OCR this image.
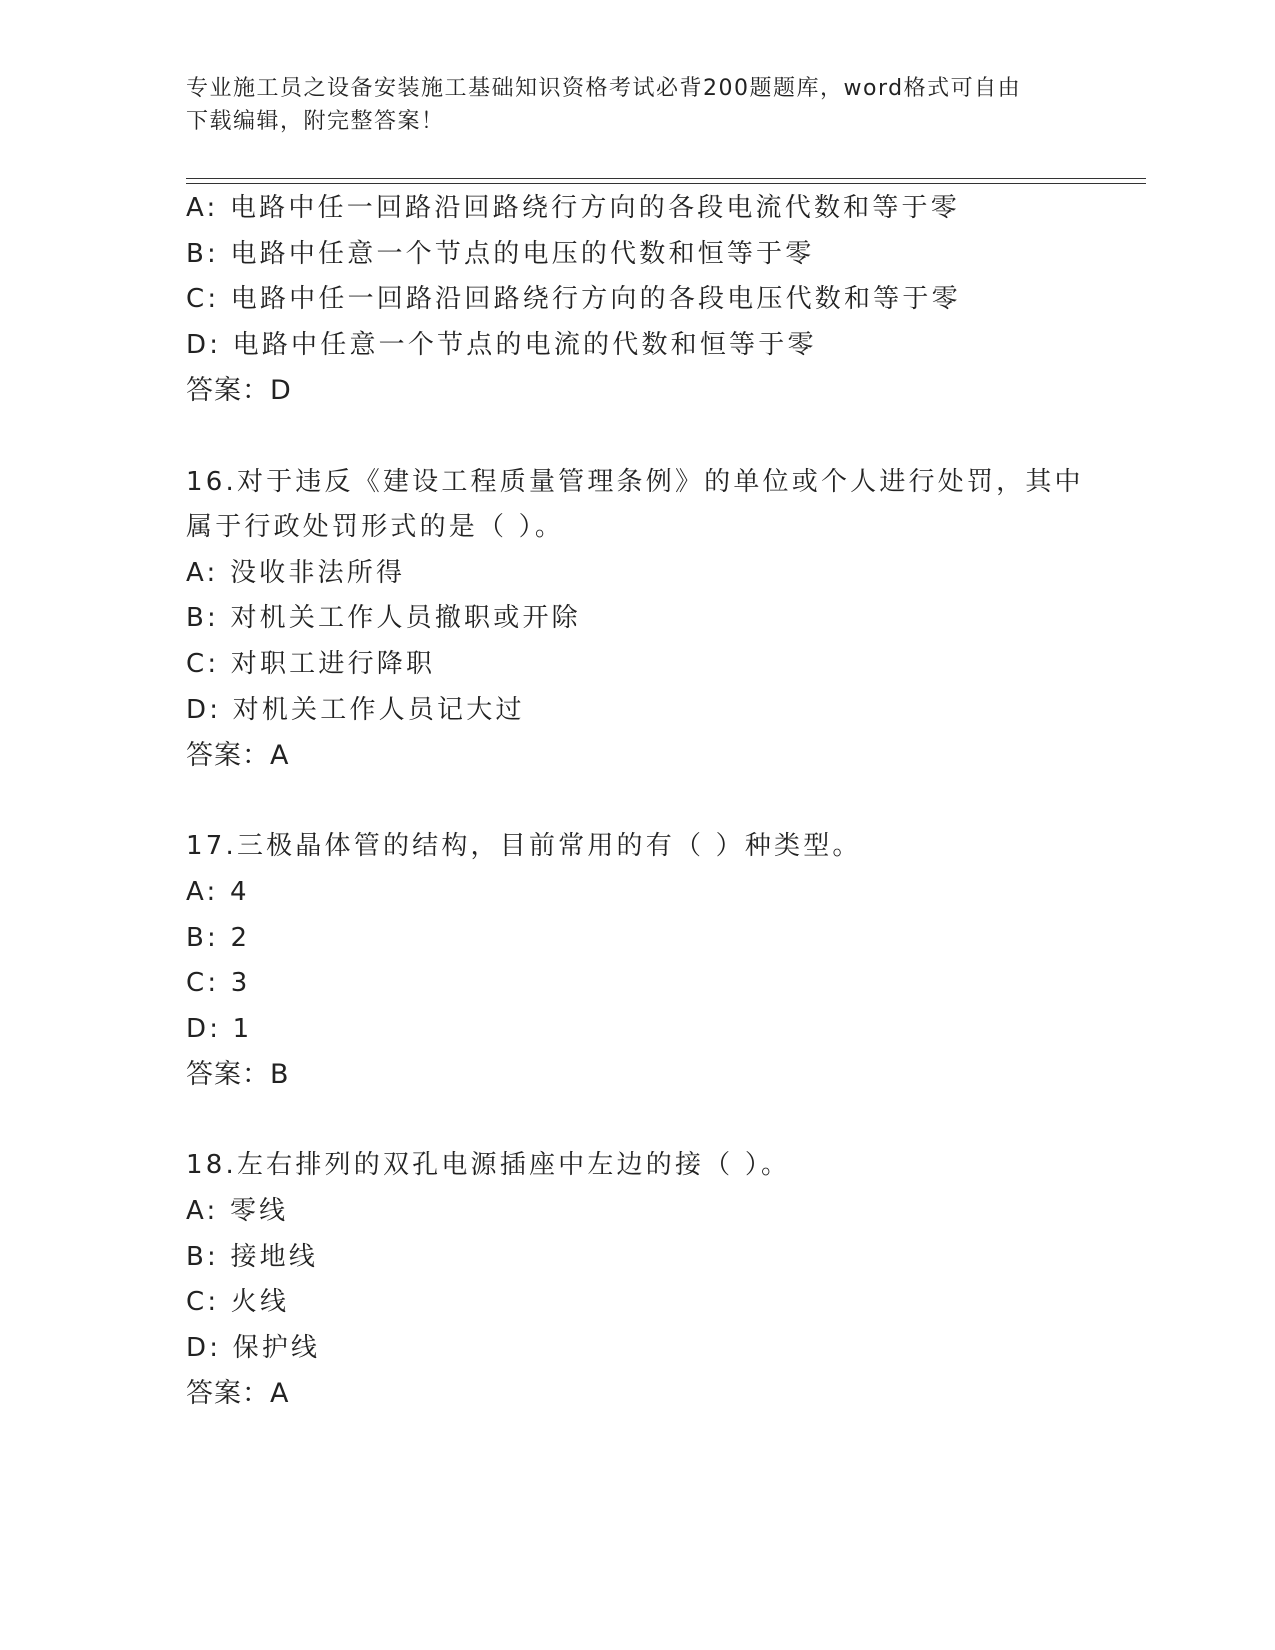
专业施工员之设备安装施工基础知识资格考试必背200题题库，word格式可自由
下载编辑，附完整答案！
A: 电路中任一回路沿回路绕行方向的各段电流代数和等于零
B: 电路中任意一个节点的电压的代数和恒等于零
C: 电路中任一回路沿回路绕行方向的各段电压代数和等于零
D: 电路中任意一个节点的电流的代数和恒等于零
答案：D
16.对于违反《建设工程质量管理条例》的单位或个人进行处罚，其中
属于行政处罚形式的是（ ）。
A: 没收非法所得
B: 对机关工作人员撤职或开除
C: 对职工进行降职
D: 对机关工作人员记大过
答案：A
17.三极晶体管的结构，目前常用的有（ ）种类型。
A: 4
B: 2
C: 3
D: 1
答案：B
18.左右排列的双孔电源插座中左边的接（ ）。
A: 零线
B: 接地线
C: 火线
D: 保护线
答案：A
